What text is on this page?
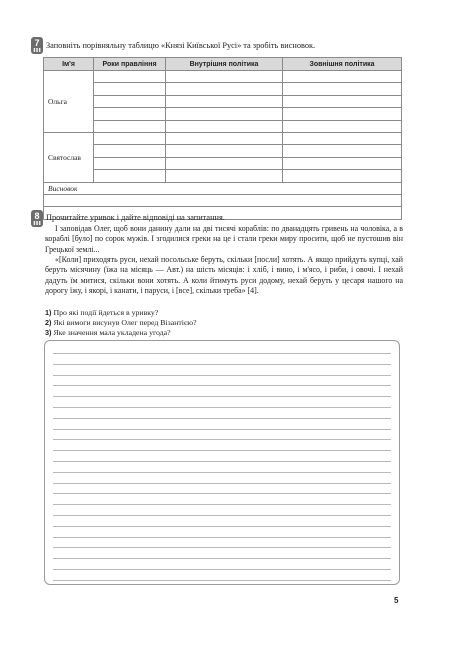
7 Заповніть порівняльну таблицю «Князі Київської Русі» та зробіть висновок.
Ім'я	Роки правління	Внутрішня політика	Зовнішня політика
Ольга			

Святослав			

Висновок			

8 Прочитайте уривок і дайте відповіді на запитання.

І заповідав Олег, щоб вони данину дали на дві тисячі кораблів: по дванадцять гривень на чоловіка, а в кораблі [було] по сорок мужів. І згодилися греки на це і стали греки миру просити, щоб не пустошив він Грецької землі...

«[Коли] приходять руси, нехай посольське беруть, скільки [посли] хотять. А якщо прийдуть купці, хай беруть місячину (їжа на місяць — Авт.) на шість місяців: і хліб, і вино, і м'ясо, і риби, і овочі. І нехай дадуть їм митися, скільки вони хотять. А коли йтимуть руси додому, нехай беруть у цесаря нашого на дорогу їжу, і якорі, і канати, і паруси, і [все], скільки треба» [4].

1) Про які події йдеться в уривку?
2) Які вимоги висунув Олег перед Візантією?
3) Яке значення мала укладена угода?
5
